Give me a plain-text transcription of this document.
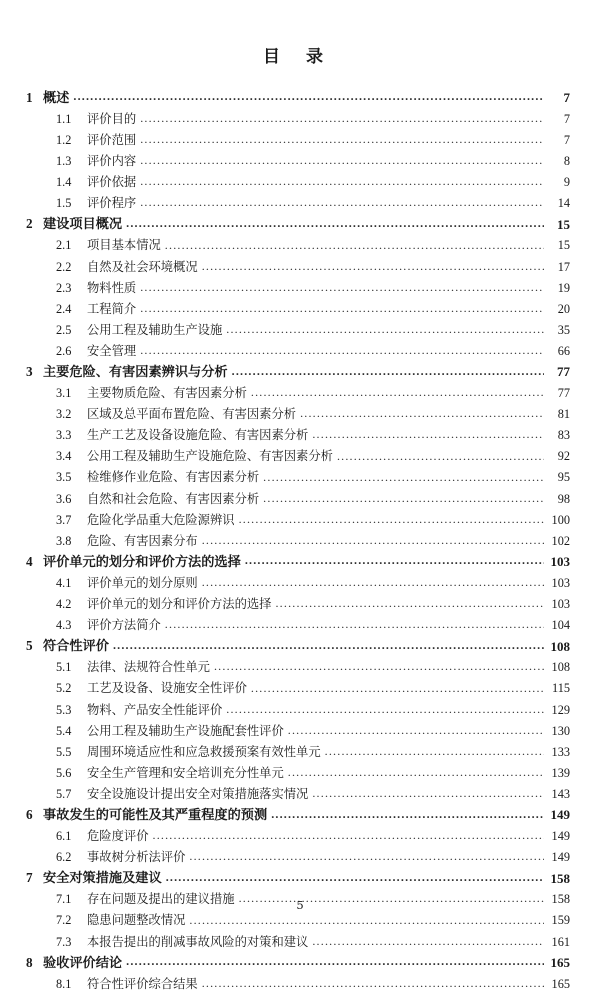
目 录
1 概述 .....	7
1.1	评价目的 .....	7
1.2	评价范围 .....	7
1.3	评价内容 .....	8
1.4	评价依据 .....	9
1.5	评价程序 .....	14
2 建设项目概况 .....	15
2.1	项目基本情况 .....	15
2.2	自然及社会环境概况 .....	17
2.3	物料性质 .....	19
2.4	工程简介 .....	20
2.5	公用工程及辅助生产设施 .....	35
2.6	安全管理 .....	66
3 主要危险、有害因素辨识与分析 .....	77
3.1	主要物质危险、有害因素分析 .....	77
3.2	区域及总平面布置危险、有害因素分析 .....	81
3.3	生产工艺及设备设施危险、有害因素分析 .....	83
3.4	公用工程及辅助生产设施危险、有害因素分析 .....	92
3.5	检维修作业危险、有害因素分析 .....	95
3.6	自然和社会危险、有害因素分析 .....	98
3.7	危险化学品重大危险源辨识 .....	100
3.8	危险、有害因素分布 .....	102
4 评价单元的划分和评价方法的选择 .....	103
4.1	评价单元的划分原则 .....	103
4.2	评价单元的划分和评价方法的选择 .....	103
4.3	评价方法简介 .....	104
5 符合性评价 .....	108
5.1	法律、法规符合性单元 .....	108
5.2	工艺及设备、设施安全性评价 .....	115
5.3	物料、产品安全性能评价 .....	129
5.4	公用工程及辅助生产设施配套性评价 .....	130
5.5	周围环境适应性和应急救援预案有效性单元 .....	133
5.6	安全生产管理和安全培训充分性单元 .....	139
5.7	安全设施设计提出安全对策措施落实情况 .....	143
6 事故发生的可能性及其严重程度的预测 .....	149
6.1	危险度评价 .....	149
6.2	事故树分析法评价 .....	149
7 安全对策措施及建议 .....	158
7.1	存在问题及提出的建议措施 .....	158
7.2	隐患问题整改情况 .....	159
7.3	本报告提出的削减事故风险的对策和建议 .....	161
8 验收评价结论 .....	165
8.1	符合性评价综合结果 .....	165
5
